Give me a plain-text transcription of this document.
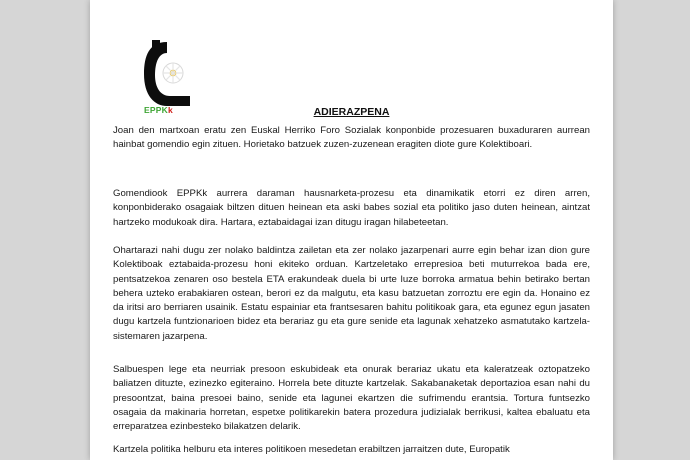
EPPKk	ADIERAZPENA
Joan den martxoan eratu zen Euskal Herriko Foro Sozialak konponbide prozesuaren buxaduraren aurrean hainbat gomendio egin zituen. Horietako batzuek zuzen-zuzenean eragiten diote gure Kolektiboari.
Gomendiook EPPKk aurrera daraman hausnarketa-prozesu eta dinamikatik etorri ez diren arren, konponbiderako osagaiak biltzen dituen heinean eta aski babes sozial eta politiko jaso duten heinean, aintzat hartzeko modukoak dira. Hartara, eztabaidagai izan ditugu iragan hilabeteetan.
Ohartarazi nahi dugu zer nolako baldintza zailetan eta zer nolako jazarpenari aurre egin behar izan dion gure Kolektiboak eztabaida-prozesu honi ekiteko orduan. Kartzeletako errepresioa beti muturrekoa bada ere, pentsatzekoa zenaren oso bestela ETA erakundeak duela bi urte luze borroka armatua behin betirako bertan behera uzteko erabakiaren ostean, berori ez da malgutu, eta kasu batzuetan zorroztu ere egin da. Honaino ez da iritsi aro berriaren usainik. Estatu espainiar eta frantsesaren bahitu politikoak gara, eta egunez egun jasaten dugu kartzela funtzionarioen bidez eta berariaz gu eta gure senide eta lagunak xehatzeko asmatutako kartzela-sistemaren jazarpena.
Salbuespen lege eta neurriak presoon eskubideak eta onurak berariaz ukatu eta kaleratzeak oztopatzeko baliatzen dituzte, ezinezko egiteraino. Horrela bete dituzte kartzelak. Sakabanaketak deportazioa esan nahi du presoontzat, baina presoei baino, senide eta lagunei ekartzen die sufrimendu erantsia. Tortura funtsezko osagaia da makinaria horretan, espetxe politikarekin batera prozedura judizialak berrikusi, kaltea ebaluatu eta erreparatzea ezinbesteko bilakatzen delarik.
Kartzela politika helburu eta interes politikoen mesedetan erabiltzen jarraitzen dute, Europatik
